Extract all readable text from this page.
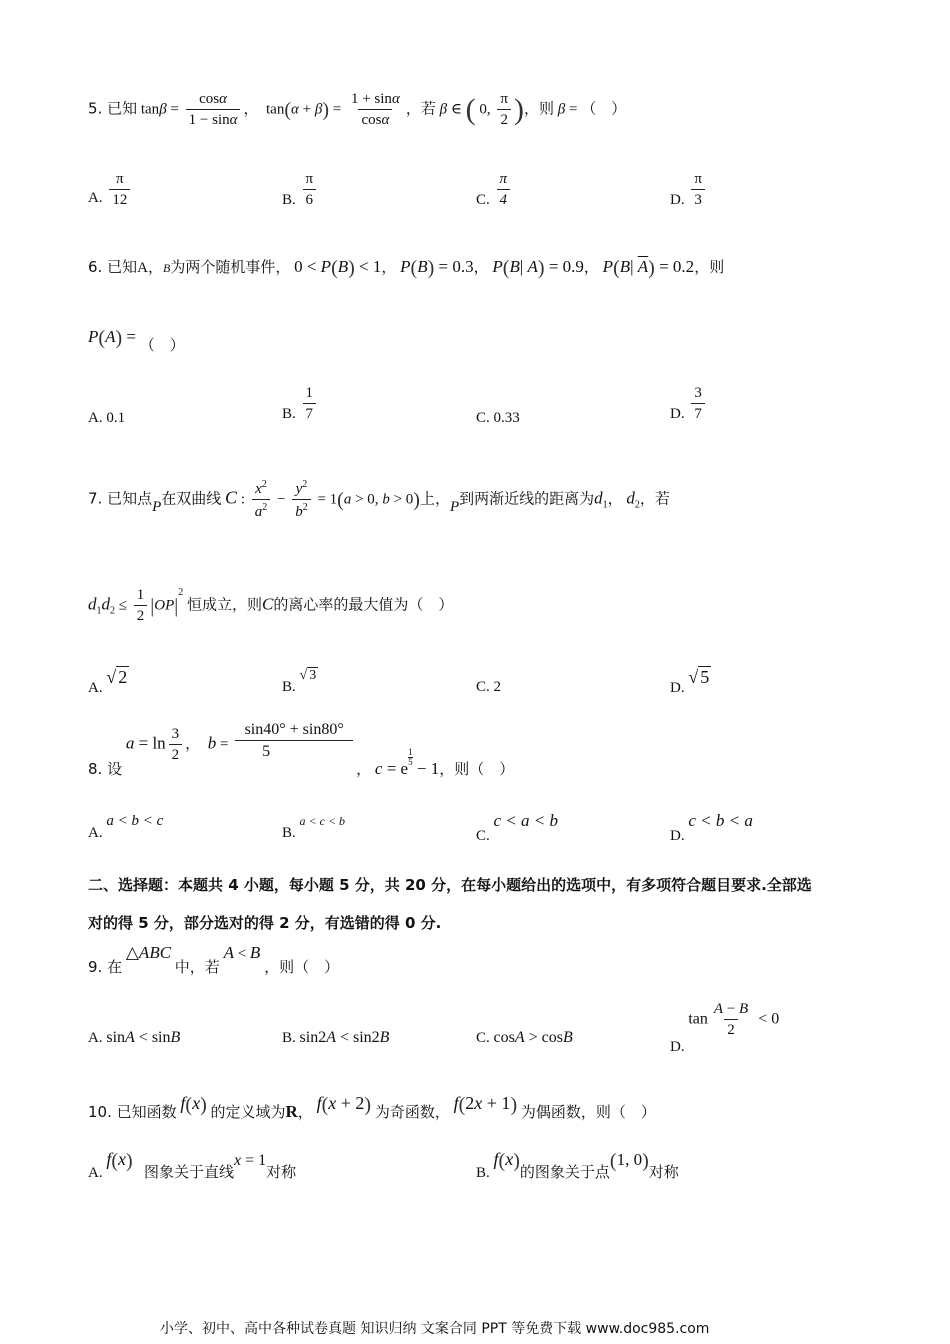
5. 已知 $\tan\beta = \frac{\cos\alpha}{1 - \sin\alpha}$ ，  $\tan(\alpha + \beta) = \frac{1 + \sin\alpha}{\cos\alpha}$ ，若 β ∈ ( 0, $\frac{\pi}{2}$ )，则 β = （　）
A. $\frac{\pi}{12}$	B. $\frac{\pi}{6}$	C. $\frac{\pi}{4}$	D. $\frac{\pi}{3}$
6. 已知A，B为两个随机事件， 0 < P(B) < 1， P(B) = 0.3， P(B| A) = 0.9， P(B| $\overline{A}) = 0.2$，则
P(A) = （　）
A. 0.1	B. $\frac{1}{7}$	C. 0.33	D. $\frac{3}{7}$
7. 已知点P在双曲线 C : $\frac{x^2}{a^2} - \frac{y^2}{b^2} = 1(a > 0$, b > 0)上，P到两渐近线的距离为$d_1$， $d_2$，若
$d_1d_2 \le \frac{1}{2} |OP|^2$ 恒成立，则C的离心率的最大值为（　）
A. √ 2	B. √ 3
C. 2	D. √ 5
8. 设 $a = \ln \frac{3}{2}$ ， $b = \frac{\sin 40^\circ + \sin 80^\circ}{5}$
， c = e
$^{\frac{1}{5}}$
− 1，则（　）
A. a < b < c
B. a < c < b
C. c < a < b
D. c < b < a
二、选择题：本题共 4 小题，每小题 5 分，共 20 分，在每小题给出的选项中，有多项符合题目要求.全部选
对的得 5 分，部分选对的得 2 分，有选错的得 0 分.
9. 在 △ABC 中，若 A < B ，则（　）
A. sinA < sinB	B. sin2A < sin2B	C. cosA > cosB
D. $\tan \frac{A - B}{2} < 0$
10. 已知函数 f(x) 的定义域为R， f(x + 2) 为奇函数， f(2x + 1) 为偶函数，则（　）
A. f(x)   图象关于直线x = 1对称	B. f(x)的图象关于点(1, 0)对称
小学、初中、高中各种试卷真题 知识归纳 文案合同 PPT 等免费下载 www.doc985.com
